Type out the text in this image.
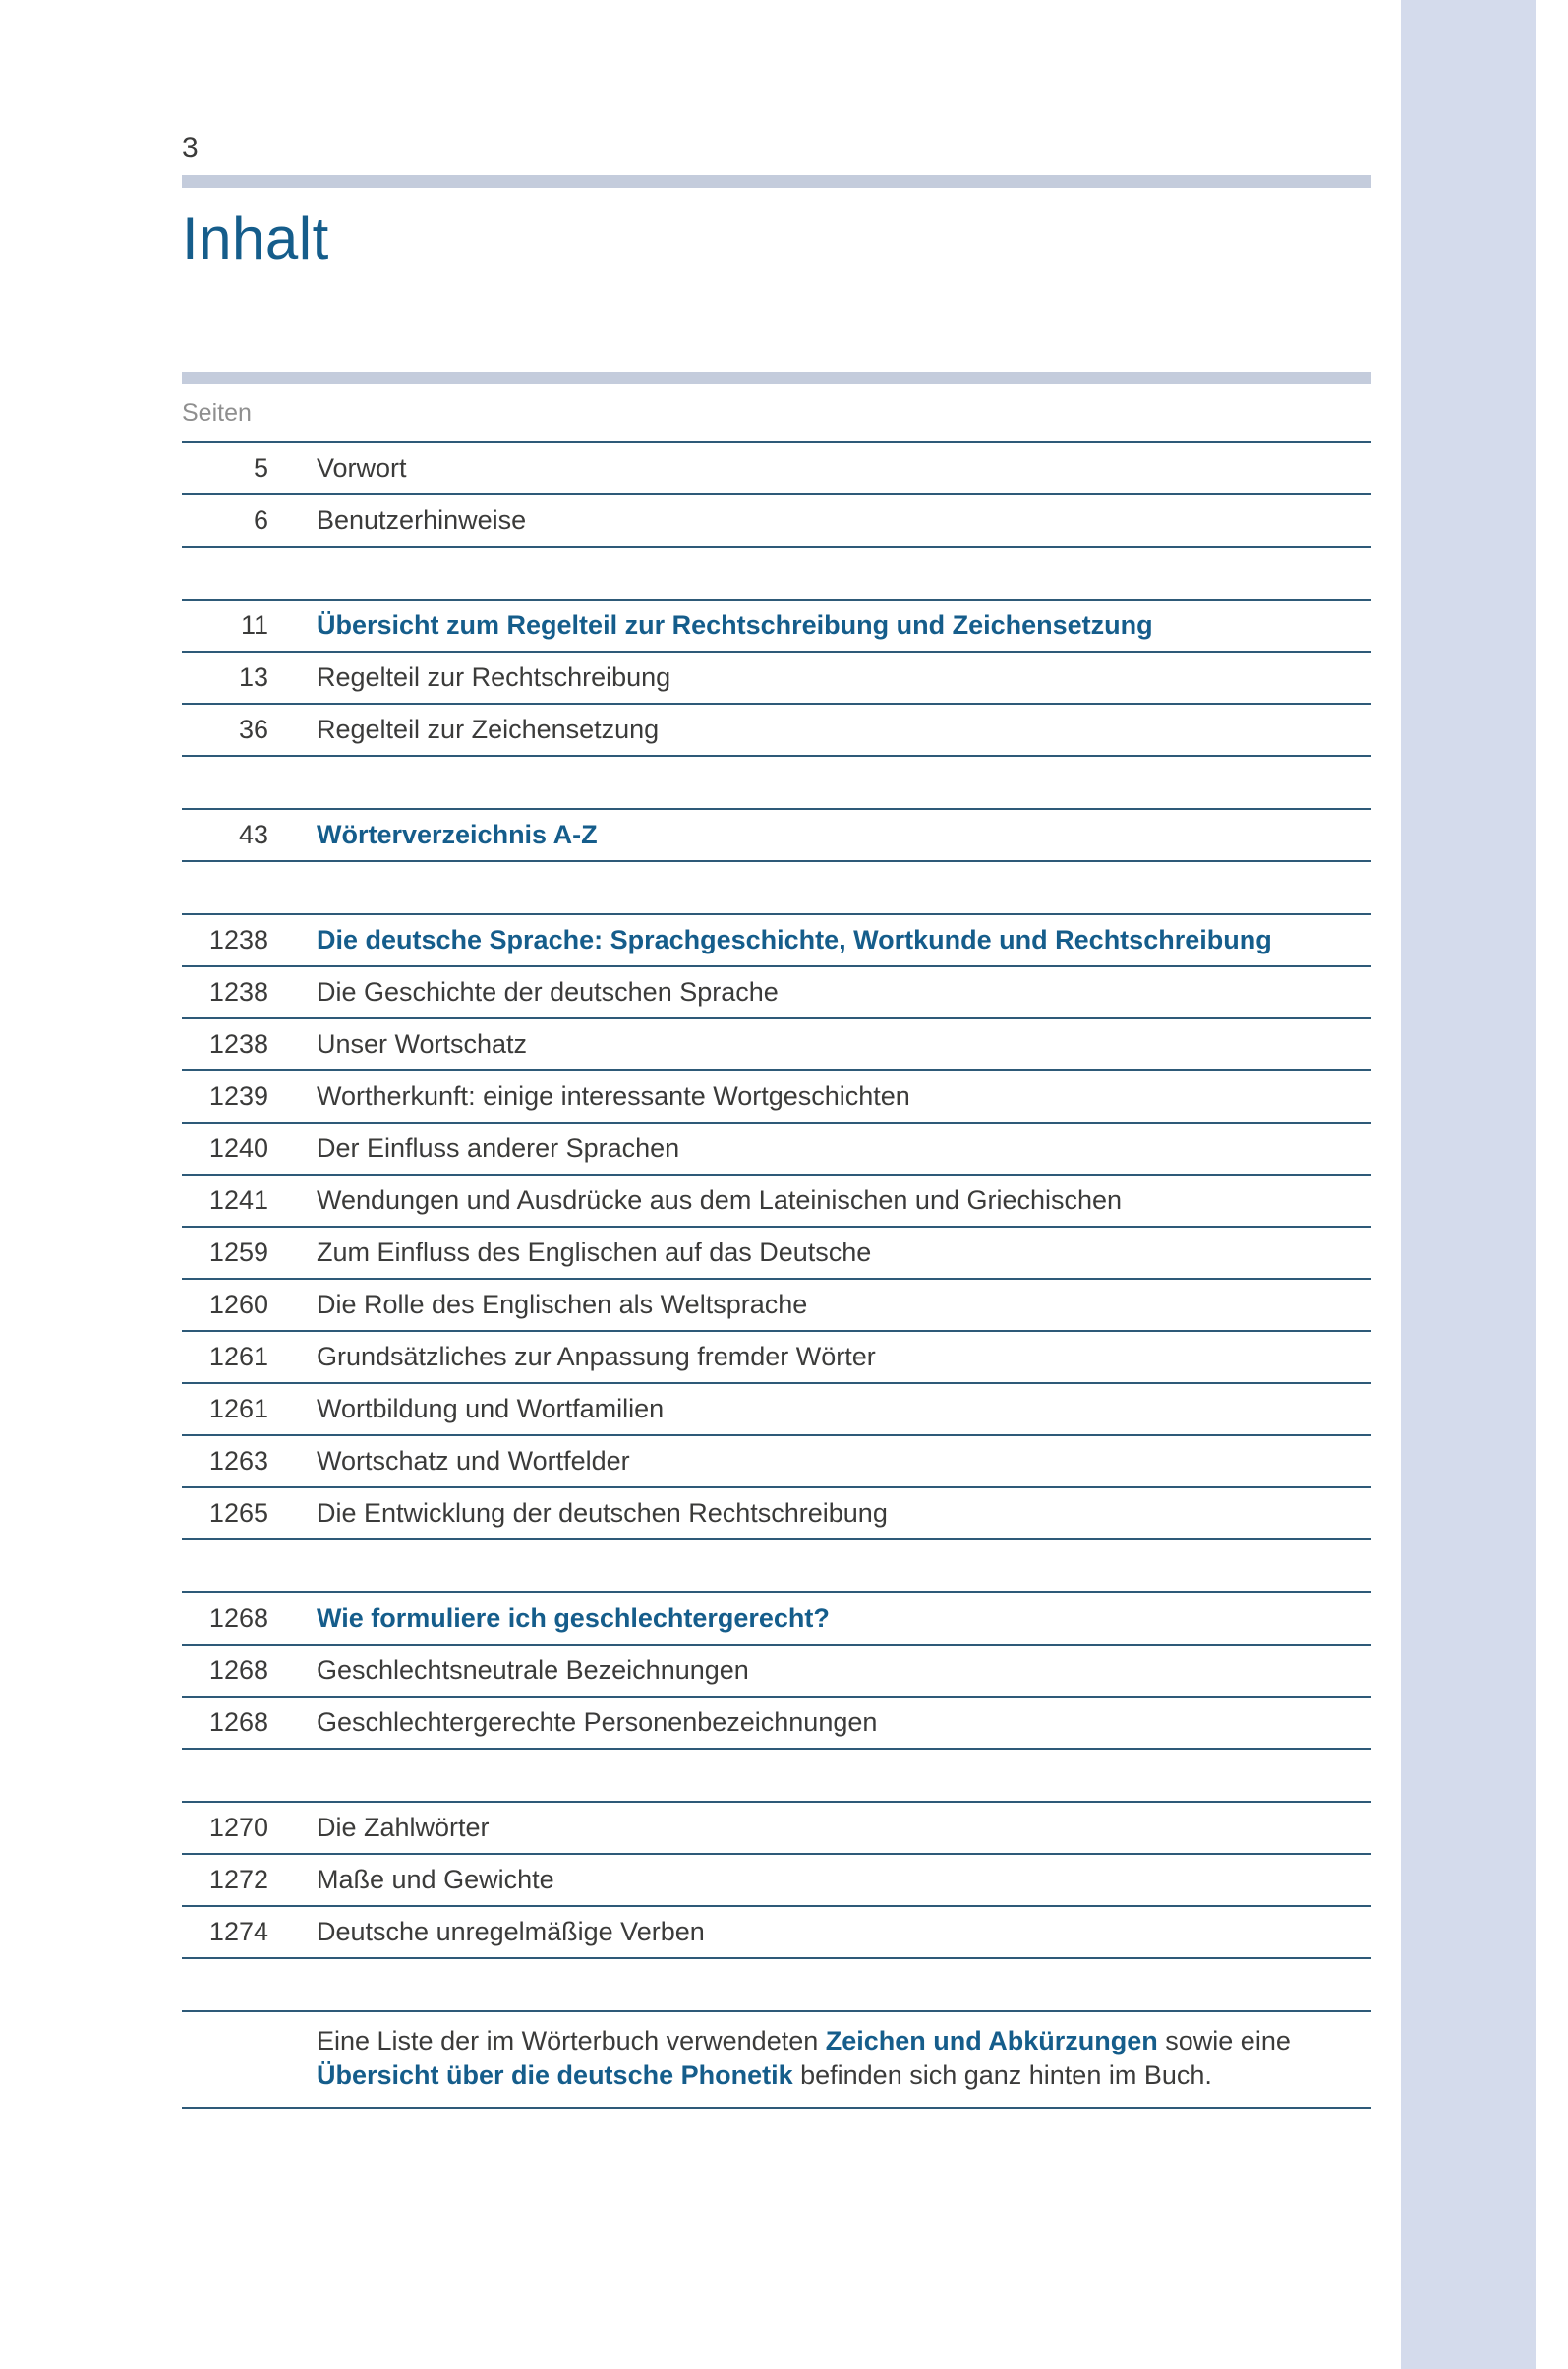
3
Inhalt
Seiten
5	Vorwort
6	Benutzerhinweise
11	Übersicht zum Regelteil zur Rechtschreibung und Zeichensetzung
13	Regelteil zur Rechtschreibung
36	Regelteil zur Zeichensetzung
43	Wörterverzeichnis A-Z
1238	Die deutsche Sprache: Sprachgeschichte, Wortkunde und Rechtschreibung
1238	Die Geschichte der deutschen Sprache
1238	Unser Wortschatz
1239	Wortherkunft: einige interessante Wortgeschichten
1240	Der Einfluss anderer Sprachen
1241	Wendungen und Ausdrücke aus dem Lateinischen und Griechischen
1259	Zum Einfluss des Englischen auf das Deutsche
1260	Die Rolle des Englischen als Weltsprache
1261	Grundsätzliches zur Anpassung fremder Wörter
1261	Wortbildung und Wortfamilien
1263	Wortschatz und Wortfelder
1265	Die Entwicklung der deutschen Rechtschreibung
1268	Wie formuliere ich geschlechtergerecht?
1268	Geschlechtsneutrale Bezeichnungen
1268	Geschlechtergerechte Personenbezeichnungen
1270	Die Zahlwörter
1272	Maße und Gewichte
1274	Deutsche unregelmäßige Verben
Eine Liste der im Wörterbuch verwendeten Zeichen und Abkürzungen sowie eine
Übersicht über die deutsche Phonetik befinden sich ganz hinten im Buch.
